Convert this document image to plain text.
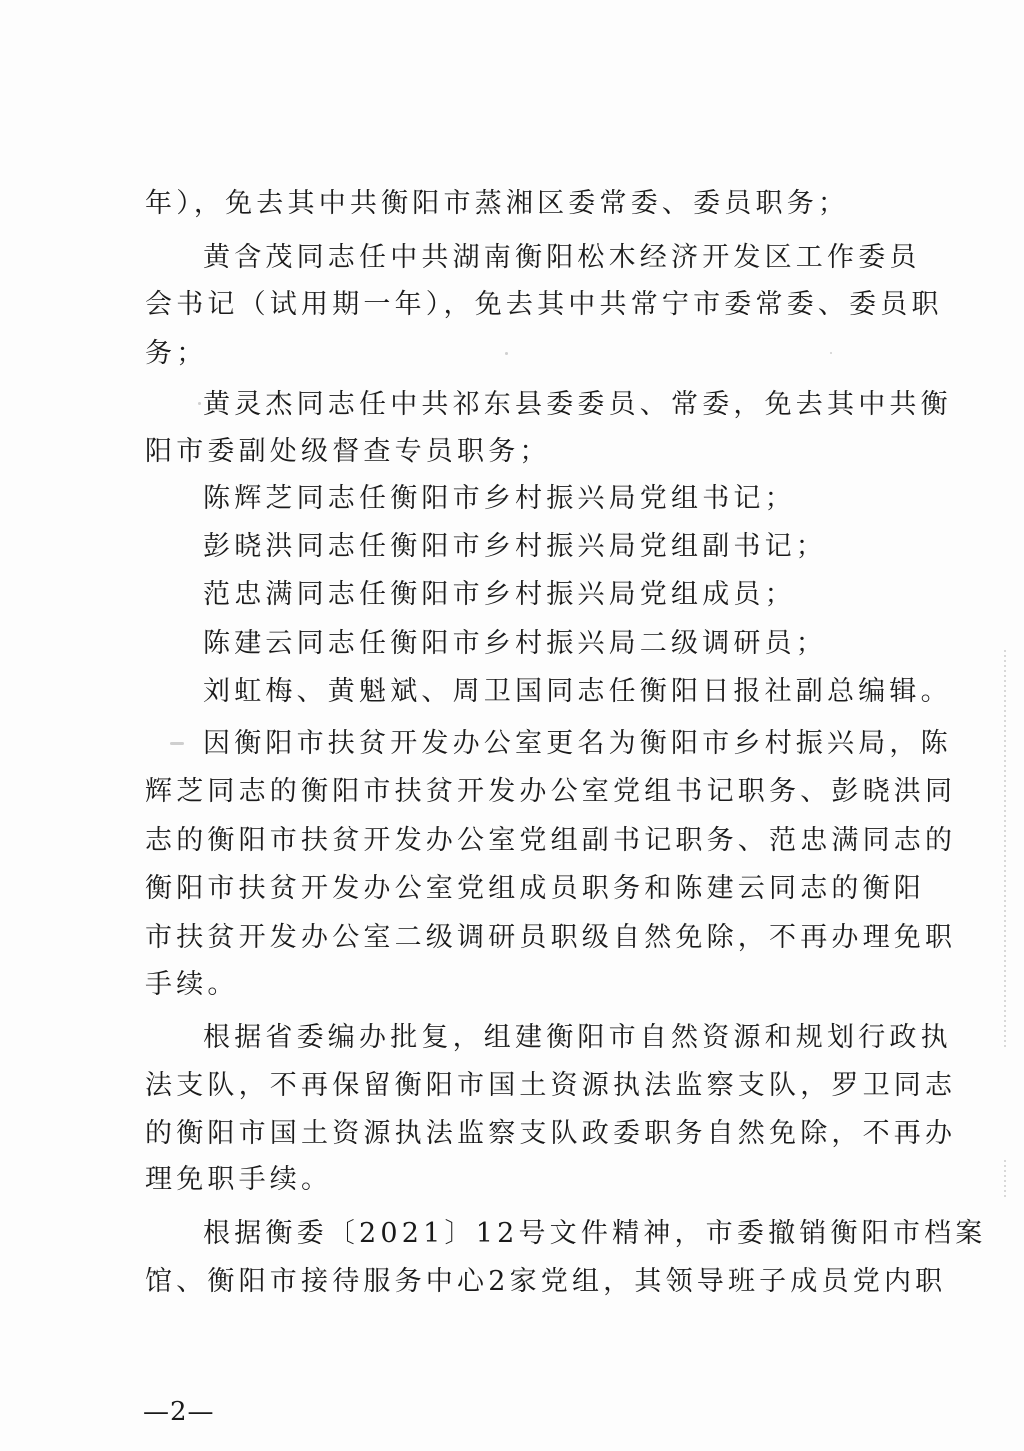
年），免去其中共衡阳市蒸湘区委常委、委员职务；
黄含茂同志任中共湖南衡阳松木经济开发区工作委员
会书记（试用期一年），免去其中共常宁市委常委、委员职
务；
黄灵杰同志任中共祁东县委委员、常委，免去其中共衡
阳市委副处级督查专员职务；
陈辉芝同志任衡阳市乡村振兴局党组书记；
彭晓洪同志任衡阳市乡村振兴局党组副书记；
范忠满同志任衡阳市乡村振兴局党组成员；
陈建云同志任衡阳市乡村振兴局二级调研员；
刘虹梅、黄魁斌、周卫国同志任衡阳日报社副总编辑。
因衡阳市扶贫开发办公室更名为衡阳市乡村振兴局，陈
辉芝同志的衡阳市扶贫开发办公室党组书记职务、彭晓洪同
志的衡阳市扶贫开发办公室党组副书记职务、范忠满同志的
衡阳市扶贫开发办公室党组成员职务和陈建云同志的衡阳
市扶贫开发办公室二级调研员职级自然免除，不再办理免职
手续。
根据省委编办批复，组建衡阳市自然资源和规划行政执
法支队，不再保留衡阳市国土资源执法监察支队，罗卫同志
的衡阳市国土资源执法监察支队政委职务自然免除，不再办
理免职手续。
根据衡委〔2021〕12号文件精神，市委撤销衡阳市档案
馆、衡阳市接待服务中心2家党组，其领导班子成员党内职
—2—
